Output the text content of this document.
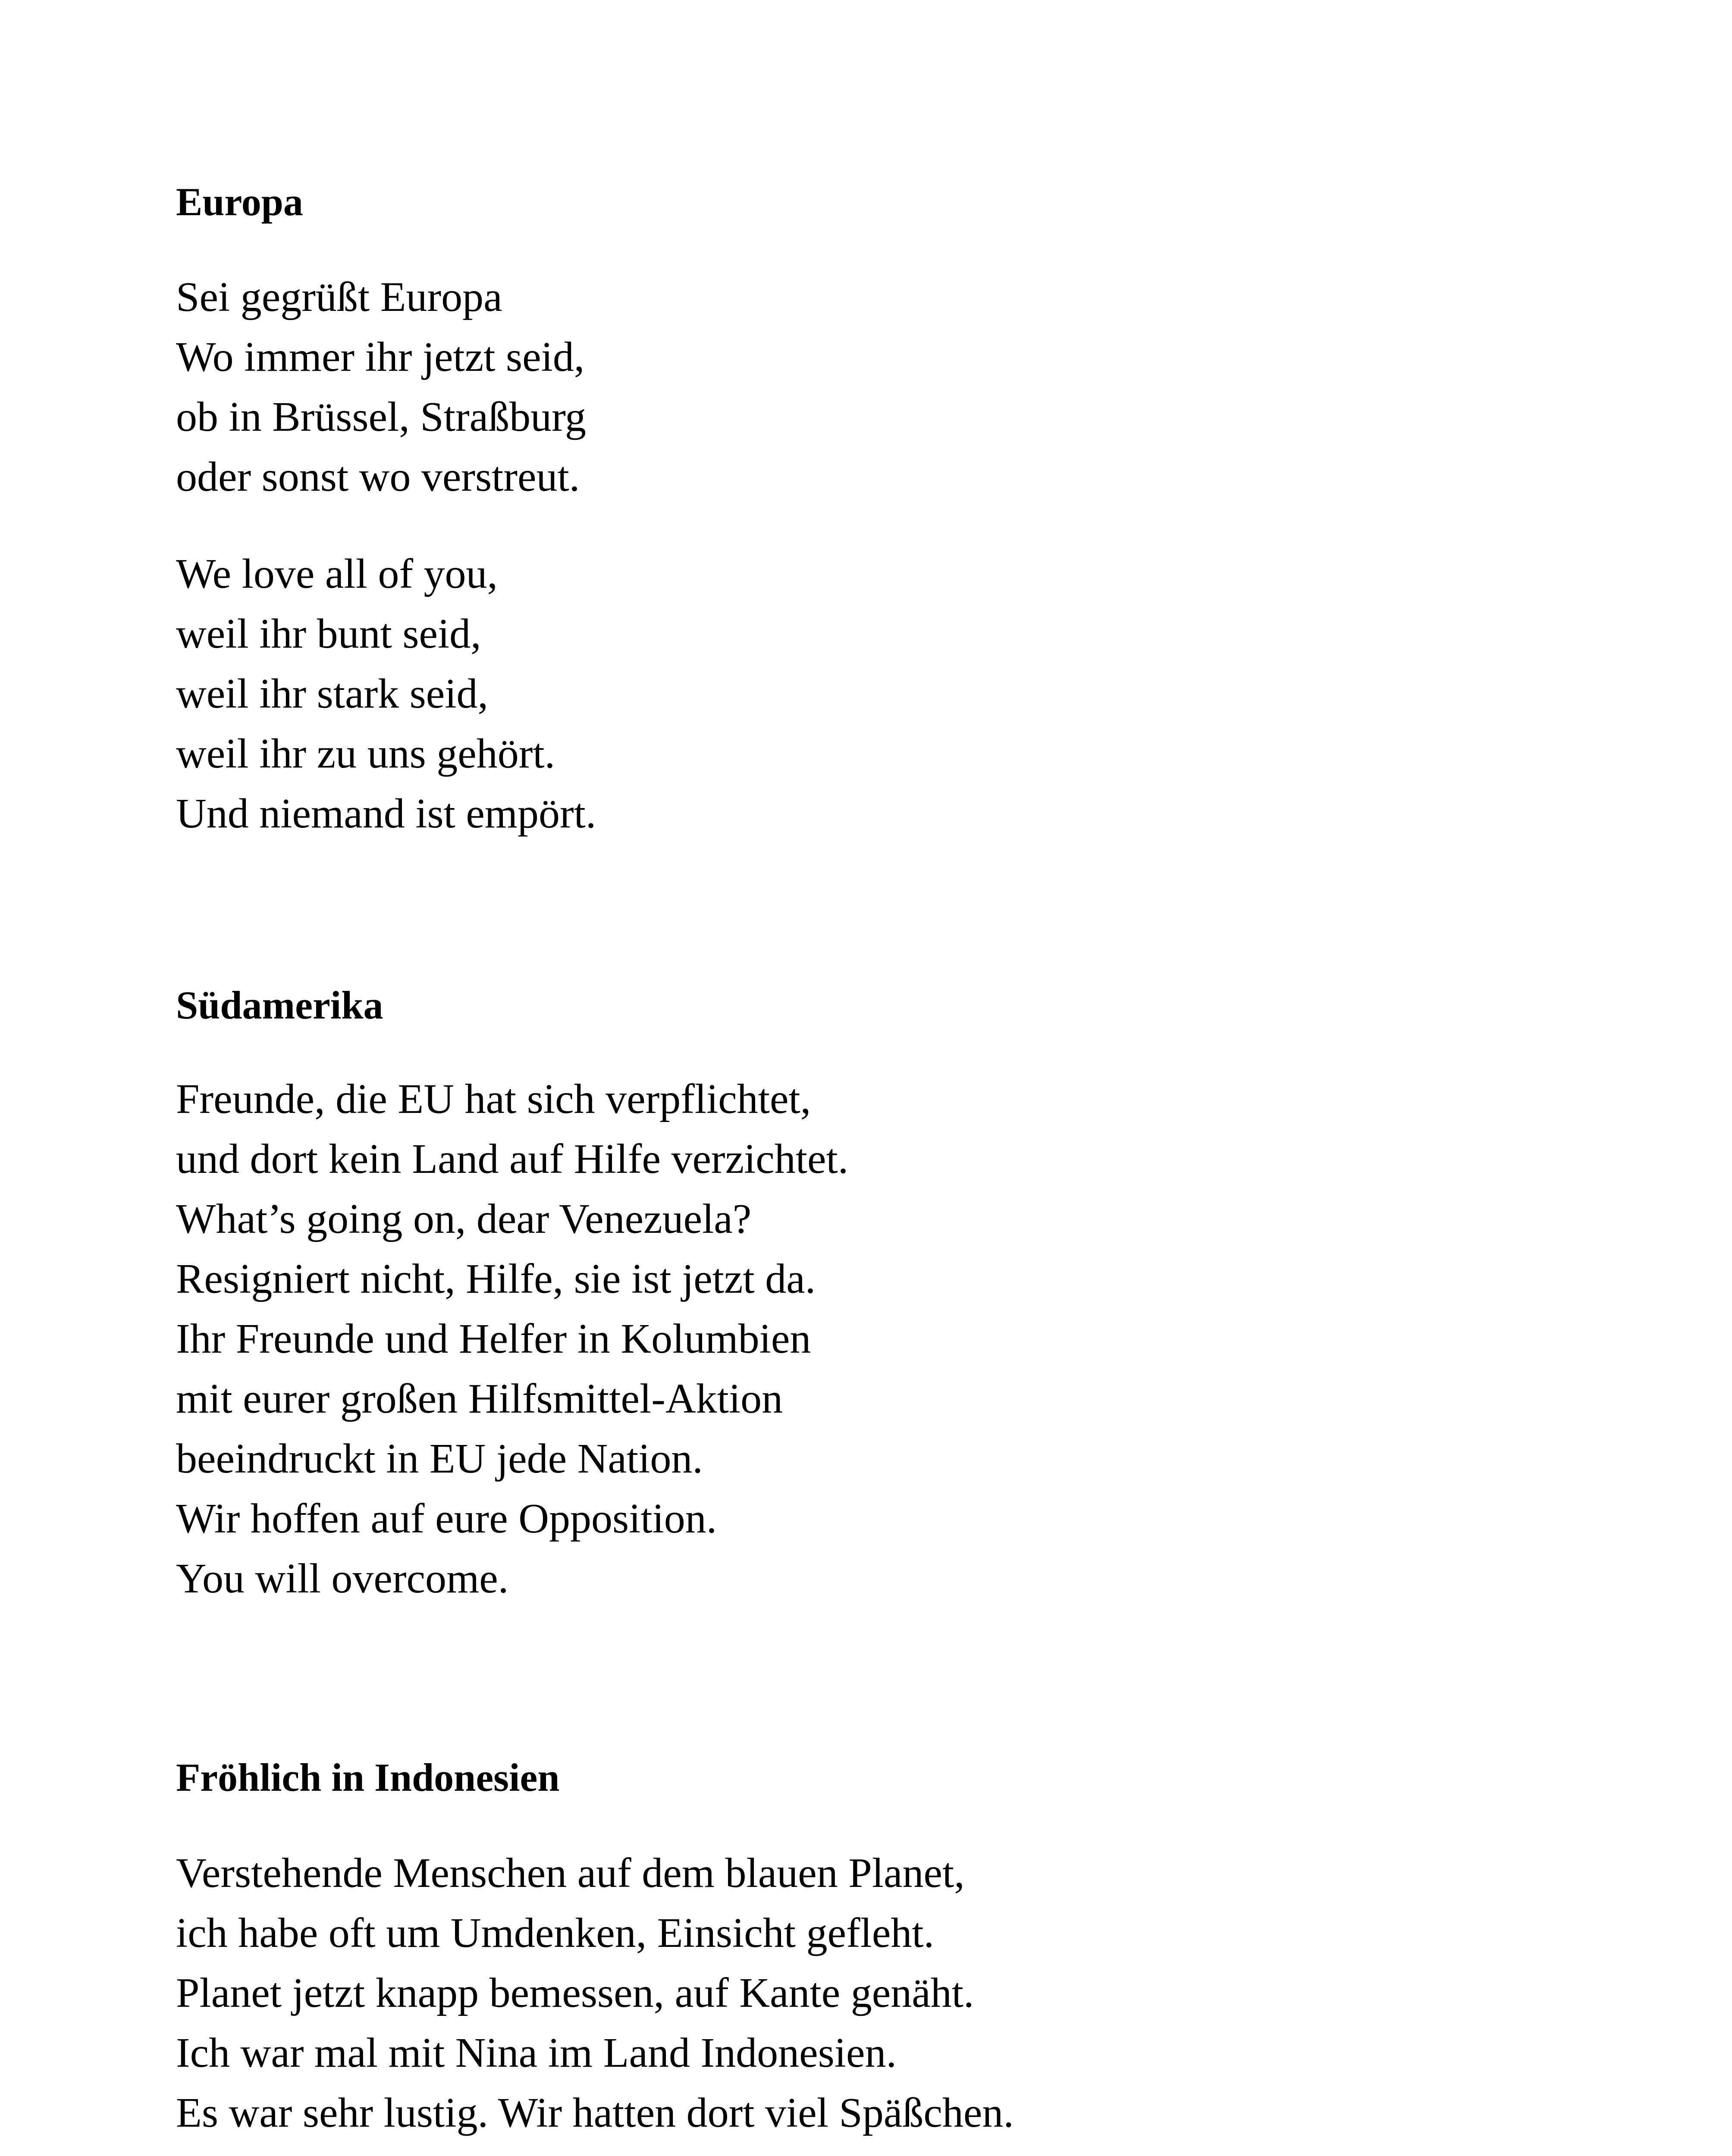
Europa
Sei gegrüßt Europa
Wo immer ihr jetzt seid,
ob in Brüssel, Straßburg
oder sonst wo verstreut.
We love all of you,
weil ihr bunt seid,
weil ihr stark seid,
weil ihr zu uns gehört.
Und niemand ist empört.
Südamerika
Freunde, die EU hat sich verpflichtet,
und dort kein Land auf Hilfe verzichtet.
What’s going on, dear Venezuela?
Resigniert nicht, Hilfe, sie ist jetzt da.
Ihr Freunde und Helfer in Kolumbien
mit eurer großen Hilfsmittel-Aktion
beeindruckt in EU jede Nation.
Wir hoffen auf eure Opposition.
You will overcome.
Fröhlich in Indonesien
Verstehende Menschen auf dem blauen Planet,
ich habe oft um Umdenken, Einsicht gefleht.
Planet jetzt knapp bemessen, auf Kante genäht.
Ich war mal mit Nina im Land Indonesien.
Es war sehr lustig. Wir hatten dort viel Späßchen.
